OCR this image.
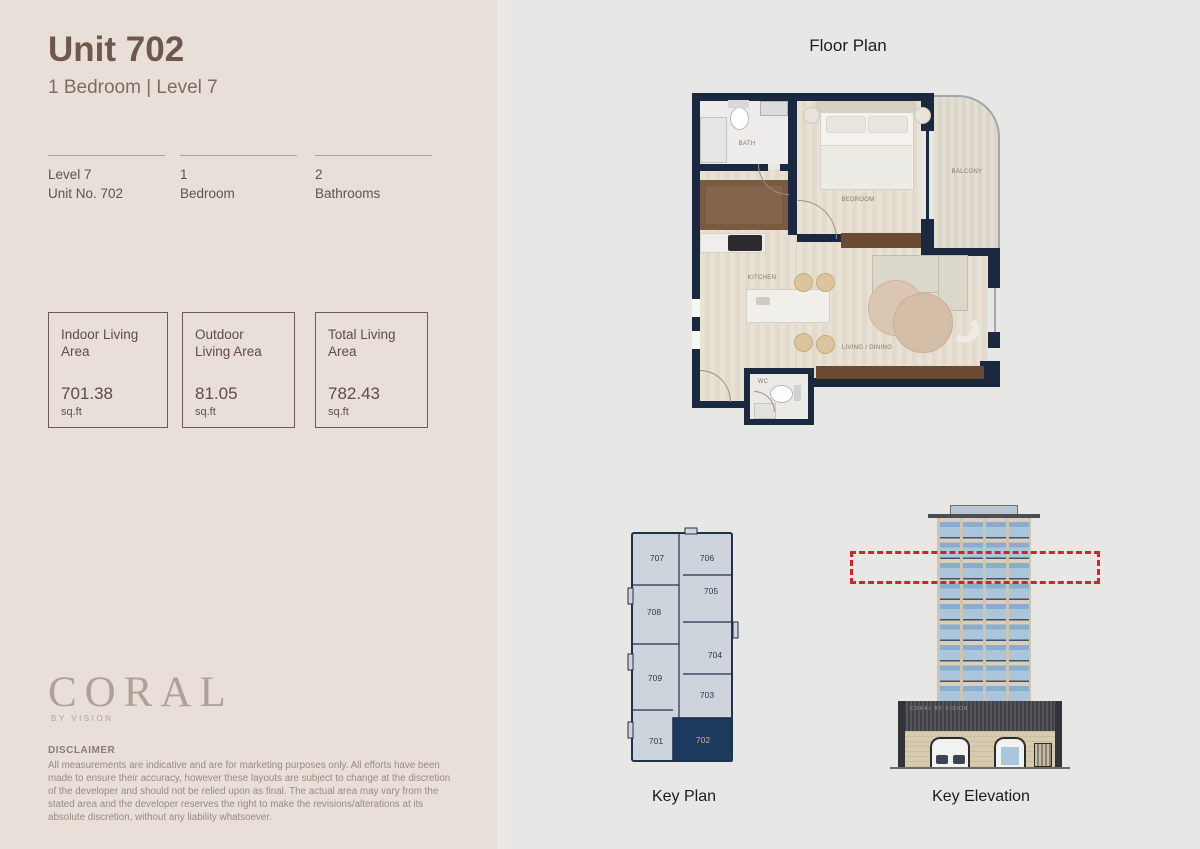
Unit 702
1 Bedroom | Level 7
Level 7
Unit No. 702
1
Bedroom
2
Bathrooms
Indoor Living Area
701.38
sq.ft
Outdoor Living Area
81.05
sq.ft
Total Living Area
782.43
sq.ft
CORAL
BY VISION
DISCLAIMER
All measurements are indicative and are for marketing purposes only. All efforts have been made to ensure their accuracy, however these layouts are subject to change at the discretion of the developer and should not be relied upon as final. The actual area may vary from the stated area and the developer reserves the right to make the revisions/alterations at its absolute discretion, without any liability whatsoever.
Floor Plan
BATH
BEDROOM
BALCONY
KITCHEN
LIVING / DINING
WC
707	706
705
708
704
709
703
701	702
Key Plan
CORAL BY VISION
Key Elevation
